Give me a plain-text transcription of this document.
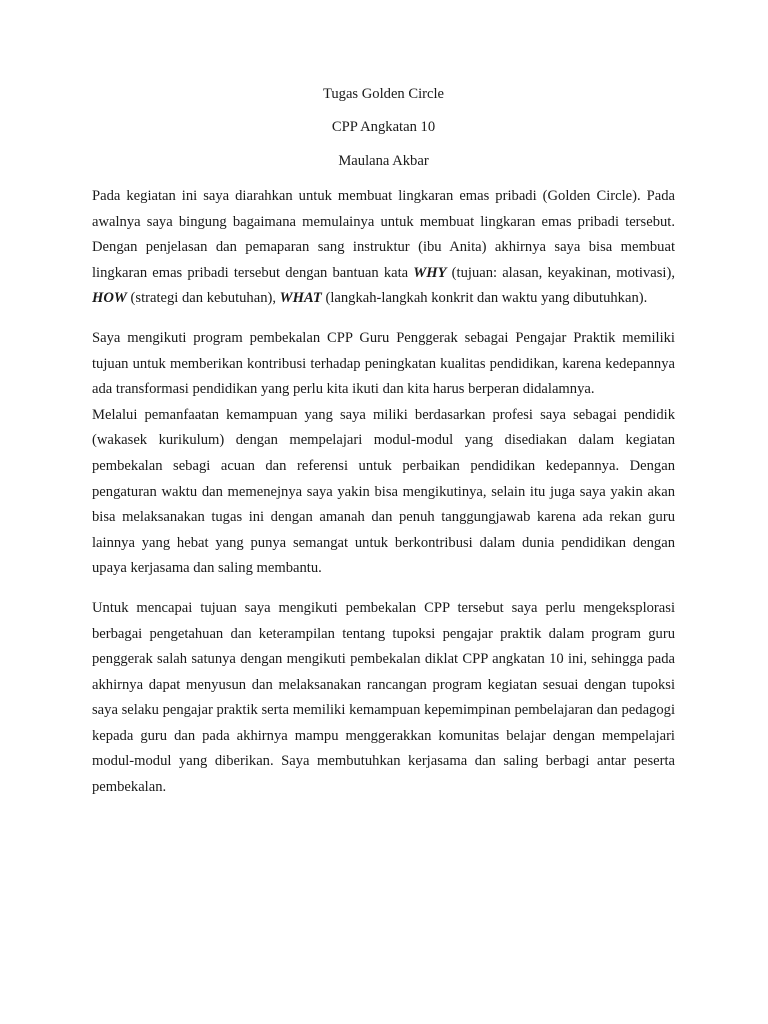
Tugas Golden Circle

CPP Angkatan 10

Maulana Akbar

Pada kegiatan ini saya diarahkan untuk membuat lingkaran emas pribadi (Golden Circle). Pada awalnya saya bingung bagaimana memulainya untuk membuat lingkaran emas pribadi tersebut. Dengan penjelasan dan pemaparan sang instruktur (ibu Anita) akhirnya saya bisa membuat lingkaran emas pribadi tersebut dengan bantuan kata WHY (tujuan: alasan, keyakinan, motivasi), HOW (strategi dan kebutuhan), WHAT (langkah-langkah konkrit dan waktu yang dibutuhkan).

Saya mengikuti program pembekalan CPP Guru Penggerak sebagai Pengajar Praktik memiliki tujuan untuk memberikan kontribusi terhadap peningkatan kualitas pendidikan, karena kedepannya ada transformasi pendidikan yang perlu kita ikuti dan kita harus berperan didalamnya.

Melalui pemanfaatan kemampuan yang saya miliki berdasarkan profesi saya sebagai pendidik (wakasek kurikulum) dengan mempelajari modul-modul yang disediakan dalam kegiatan pembekalan sebagi acuan dan referensi untuk perbaikan pendidikan kedepannya. Dengan pengaturan waktu dan memenejnya saya yakin bisa mengikutinya, selain itu juga saya yakin akan bisa melaksanakan tugas ini dengan amanah dan penuh tanggungjawab karena ada rekan guru lainnya yang hebat yang punya semangat untuk berkontribusi dalam dunia pendidikan dengan upaya kerjasama dan saling membantu.

Untuk mencapai tujuan saya mengikuti pembekalan CPP tersebut saya perlu mengeksplorasi berbagai pengetahuan dan keterampilan tentang tupoksi pengajar praktik dalam program guru penggerak salah satunya dengan mengikuti pembekalan diklat CPP angkatan 10 ini, sehingga pada akhirnya dapat menyusun dan melaksanakan rancangan program kegiatan sesuai dengan tupoksi saya selaku pengajar praktik serta memiliki kemampuan kepemimpinan pembelajaran dan pedagogi kepada guru dan pada akhirnya mampu menggerakkan komunitas belajar dengan mempelajari modul-modul yang diberikan. Saya membutuhkan kerjasama dan saling berbagi antar peserta pembekalan.
